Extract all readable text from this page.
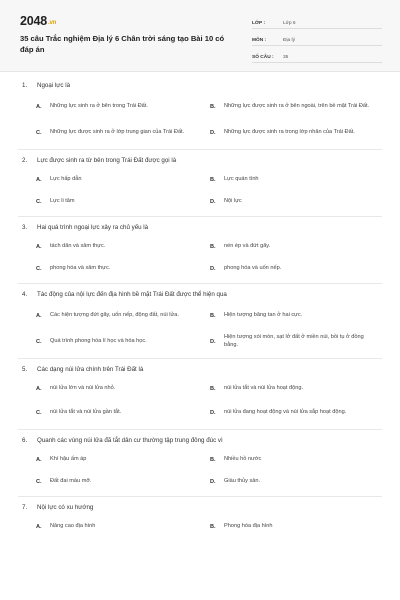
2048.vn
35 câu Trắc nghiệm Địa lý 6 Chân trời sáng tạo Bài 10 có đáp án
LỚP :	Lớp 6
MÔN :	Địa lý
SỐ CÂU :	35
1.	Ngoại lực là
A.	Những lực sinh ra ở bên trong Trái Đất.	B.	Những lực được sinh ra ở bên ngoài, trên bề mặt Trái Đất.
C.	Những lực được sinh ra ở lớp trung gian của Trái Đất.	D.	Những lực được sinh ra trong lớp nhân của Trái Đất.
2.	Lực được sinh ra từ bên trong Trái Đất được gọi là
A.	Lực hấp dẫn	B.	Lực quán tính
C.	Lực li tâm	D.	Nội lực
3.	Hai quá trình ngoại lực xảy ra chủ yếu là
A.	tách dãn và xâm thực.	B.	nén ép và đứt gãy.
C.	phong hóa và xâm thực.	D.	phong hóa và uốn nếp.
4.	Tác động của nội lực đến địa hình bề mặt Trái Đất được thể hiện qua
A.	Các hiện tượng đứt gãy, uốn nếp, động đất, núi lửa.	B.	Hiện tượng băng tan ở hai cực.
C.	Quá trình phong hóa lí học và hóa học.	D.
Hiện tượng xói mòn, sạt lở đất ở miền núi, bồi tụ ở đồng bằng.
5.	Các dạng núi lửa chính trên Trái Đất là
A.	núi lửa lớn và núi lửa nhỏ.	B.	núi lửa tắt và núi lửa hoạt động.
C.	núi lửa tắt và núi lửa gần tắt.	D.	núi lửa đang hoạt động và núi lửa sắp hoạt động.
6.	Quanh các vùng núi lửa đã tắt dân cư thường tập trung đông đúc vì
A.	Khí hậu ấm áp	B.	Nhiều hồ nước
C.	Đất đai màu mỡ.	D.	Giàu thủy sản.
7.	Nội lực có xu hướng
A.	Nâng cao địa hình	B.	Phong hóa địa hình
